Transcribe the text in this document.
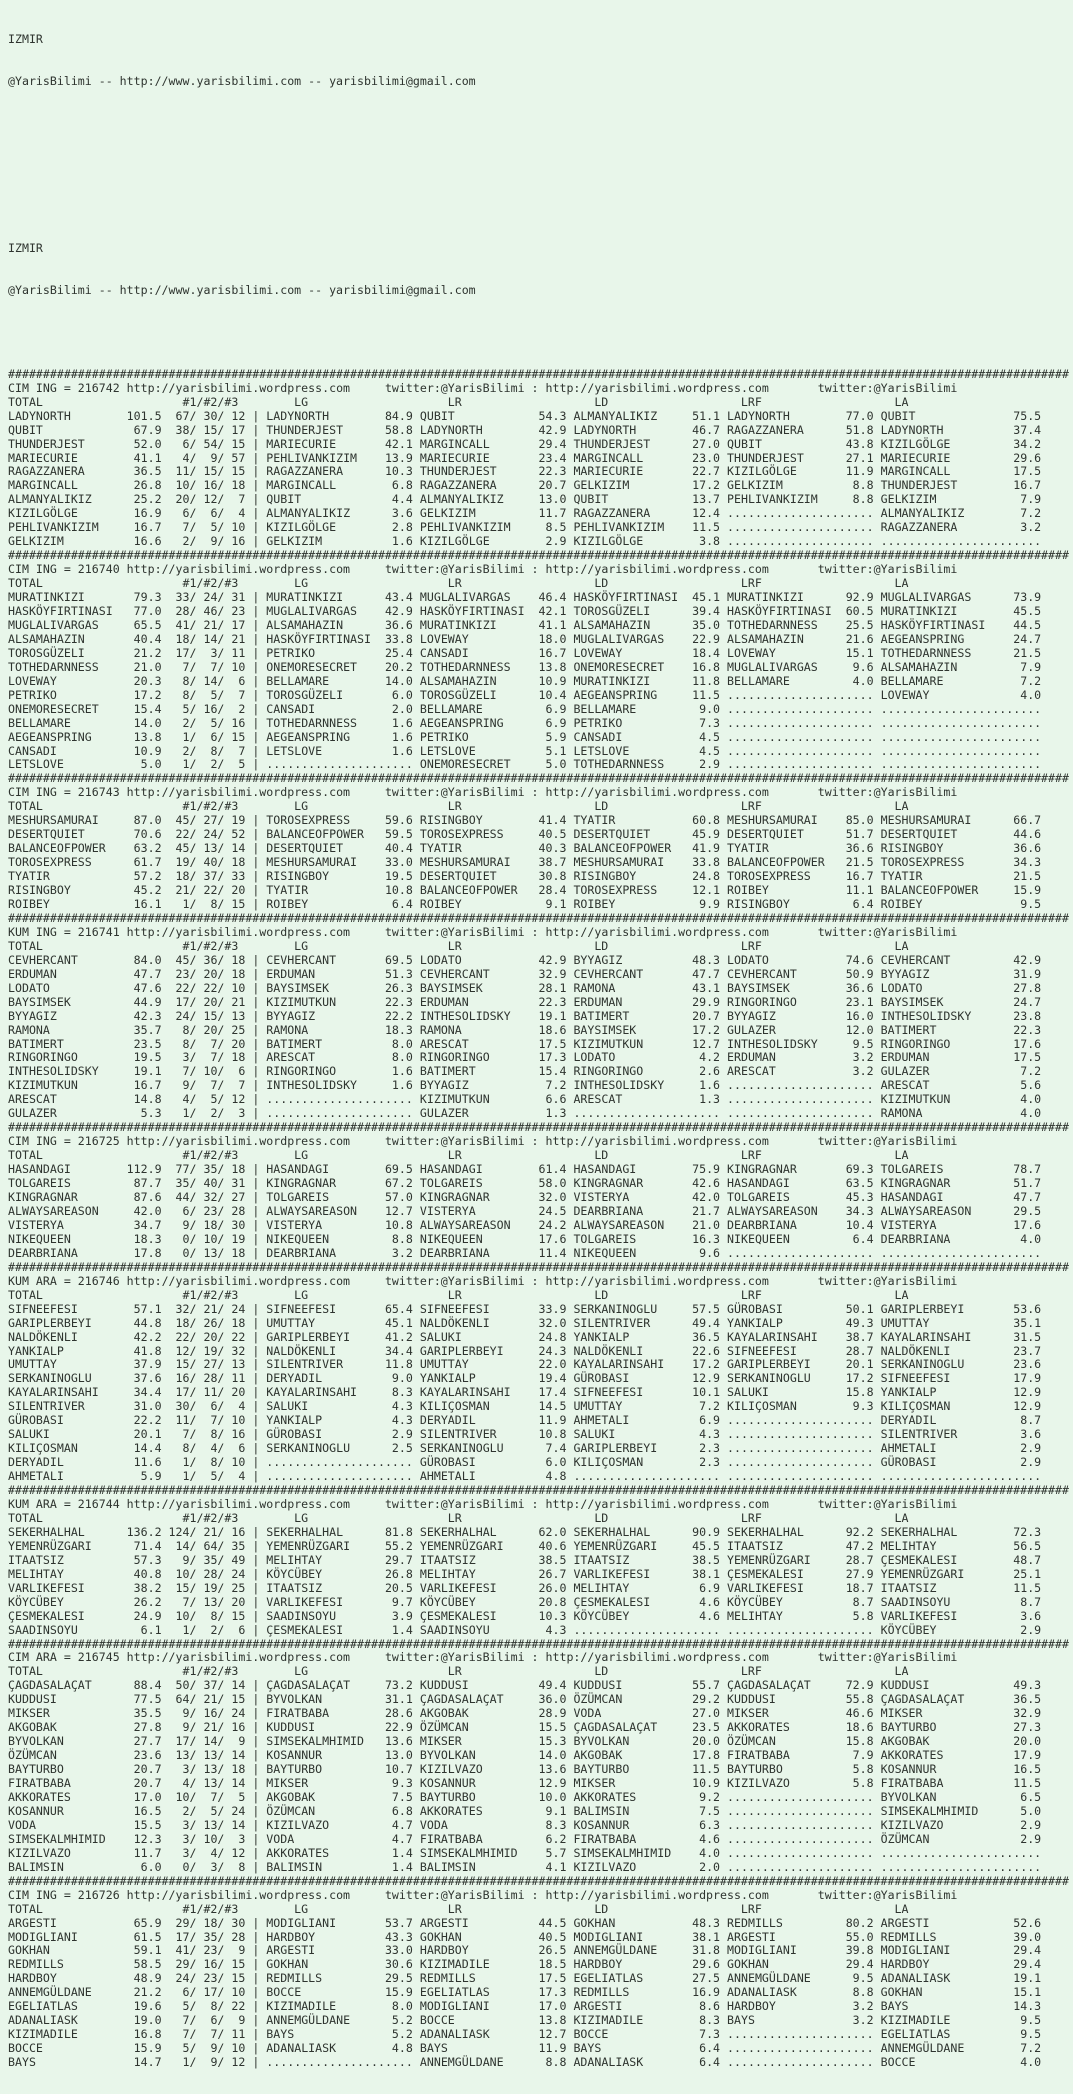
IZMIR

@YarisBilimi -- http://www.yarisbilimi.com -- yarisbilimi@gmail.com

IZMIR

@YarisBilimi -- http://www.yarisbilimi.com -- yarisbilimi@gmail.com

########################################################################################################################################################
CIM ING = 216742 http://yarisbilimi.wordpress.com	twitter:@YarisBilimi : http://yarisbilimi.wordpress.com	twitter:@YarisBilimi
TOTAL                    #1/#2/#3        LG                    LR                   LD                   LRF                   LA
LADYNORTH        101.5  67/ 30/ 12 | LADYNORTH        84.9 QUBIT            54.3 ALMANYALIKIZ     51.1 LADYNORTH        77.0 QUBIT              75.5
QUBIT             67.9  38/ 15/ 17 | THUNDERJEST      58.8 LADYNORTH        42.9 LADYNORTH        46.7 RAGAZZANERA      51.8 LADYNORTH          37.4
THUNDERJEST       52.0   6/ 54/ 15 | MARIECURIE       42.1 MARGINCALL       29.4 THUNDERJEST      27.0 QUBIT            43.8 KIZILGÖLGE         34.2
MARIECURIE        41.1   4/  9/ 57 | PEHLIVANKIZIM    13.9 MARIECURIE       23.4 MARGINCALL       23.0 THUNDERJEST      27.1 MARIECURIE         29.6
RAGAZZANERA       36.5  11/ 15/ 15 | RAGAZZANERA      10.3 THUNDERJEST      22.3 MARIECURIE       22.7 KIZILGÖLGE       11.9 MARGINCALL         17.5
MARGINCALL        26.8  10/ 16/ 18 | MARGINCALL        6.8 RAGAZZANERA      20.7 GELKIZIM         17.2 GELKIZIM          8.8 THUNDERJEST        16.7
ALMANYALIKIZ      25.2  20/ 12/  7 | QUBIT             4.4 ALMANYALIKIZ     13.0 QUBIT            13.7 PEHLIVANKIZIM     8.8 GELKIZIM            7.9
KIZILGÖLGE        16.9   6/  6/  4 | ALMANYALIKIZ      3.6 GELKIZIM         11.7 RAGAZZANERA      12.4 ..................... ALMANYALIKIZ        7.2
PEHLIVANKIZIM     16.7   7/  5/ 10 | KIZILGÖLGE        2.8 PEHLIVANKIZIM     8.5 PEHLIVANKIZIM    11.5 ..................... RAGAZZANERA         3.2
GELKIZIM          16.6   2/  9/ 16 | GELKIZIM          1.6 KIZILGÖLGE        2.9 KIZILGÖLGE        3.8 ..................... .......................
########################################################################################################################################################
CIM ING = 216740 http://yarisbilimi.wordpress.com	twitter:@YarisBilimi : http://yarisbilimi.wordpress.com	twitter:@YarisBilimi
TOTAL                    #1/#2/#3        LG                    LR                   LD                   LRF                   LA
MURATINKIZI       79.3  33/ 24/ 31 | MURATINKIZI      43.4 MUGLALIVARGAS    46.4 HASKÖYFIRTINASI  45.1 MURATINKIZI      92.9 MUGLALIVARGAS      73.9
HASKÖYFIRTINASI   77.0  28/ 46/ 23 | MUGLALIVARGAS    42.9 HASKÖYFIRTINASI  42.1 TOROSGÜZELI      39.4 HASKÖYFIRTINASI  60.5 MURATINKIZI        45.5
MUGLALIVARGAS     65.5  41/ 21/ 17 | ALSAMAHAZIN      36.6 MURATINKIZI      41.1 ALSAMAHAZIN      35.0 TOTHEDARNNESS    25.5 HASKÖYFIRTINASI    44.5
ALSAMAHAZIN       40.4  18/ 14/ 21 | HASKÖYFIRTINASI  33.8 LOVEWAY          18.0 MUGLALIVARGAS    22.9 ALSAMAHAZIN      21.6 AEGEANSPRING       24.7
TOROSGÜZELI       21.2  17/  3/ 11 | PETRIKO          25.4 CANSADI          16.7 LOVEWAY          18.4 LOVEWAY          15.1 TOTHEDARNNESS      21.5
TOTHEDARNNESS     21.0   7/  7/ 10 | ONEMORESECRET    20.2 TOTHEDARNNESS    13.8 ONEMORESECRET    16.8 MUGLALIVARGAS     9.6 ALSAMAHAZIN         7.9
LOVEWAY           20.3   8/ 14/  6 | BELLAMARE        14.0 ALSAMAHAZIN      10.9 MURATINKIZI      11.8 BELLAMARE         4.0 BELLAMARE           7.2
PETRIKO           17.2   8/  5/  7 | TOROSGÜZELI       6.0 TOROSGÜZELI      10.4 AEGEANSPRING     11.5 ..................... LOVEWAY             4.0
ONEMORESECRET     15.4   5/ 16/  2 | CANSADI           2.0 BELLAMARE         6.9 BELLAMARE         9.0 ..................... .......................
BELLAMARE         14.0   2/  5/ 16 | TOTHEDARNNESS     1.6 AEGEANSPRING      6.9 PETRIKO           7.3 ..................... .......................
AEGEANSPRING      13.8   1/  6/ 15 | AEGEANSPRING      1.6 PETRIKO           5.9 CANSADI           4.5 ..................... .......................
CANSADI           10.9   2/  8/  7 | LETSLOVE          1.6 LETSLOVE          5.1 LETSLOVE          4.5 ..................... .......................
LETSLOVE           5.0   1/  2/  5 | ..................... ONEMORESECRET     5.0 TOTHEDARNNESS     2.9 ..................... .......................
########################################################################################################################################################
CIM ING = 216743 http://yarisbilimi.wordpress.com	twitter:@YarisBilimi : http://yarisbilimi.wordpress.com	twitter:@YarisBilimi
TOTAL                    #1/#2/#3        LG                    LR                   LD                   LRF                   LA
MESHURSAMURAI     87.0  45/ 27/ 19 | TOROSEXPRESS     59.6 RISINGBOY        41.4 TYATIR           60.8 MESHURSAMURAI    85.0 MESHURSAMURAI      66.7
DESERTQUIET       70.6  22/ 24/ 52 | BALANCEOFPOWER   59.5 TOROSEXPRESS     40.5 DESERTQUIET      45.9 DESERTQUIET      51.7 DESERTQUIET        44.6
BALANCEOFPOWER    63.2  45/ 13/ 14 | DESERTQUIET      40.4 TYATIR           40.3 BALANCEOFPOWER   41.9 TYATIR           36.6 RISINGBOY          36.6
TOROSEXPRESS      61.7  19/ 40/ 18 | MESHURSAMURAI    33.0 MESHURSAMURAI    38.7 MESHURSAMURAI    33.8 BALANCEOFPOWER   21.5 TOROSEXPRESS       34.3
TYATIR            57.2  18/ 37/ 33 | RISINGBOY        19.5 DESERTQUIET      30.8 RISINGBOY        24.8 TOROSEXPRESS     16.7 TYATIR             21.5
RISINGBOY         45.2  21/ 22/ 20 | TYATIR           10.8 BALANCEOFPOWER   28.4 TOROSEXPRESS     12.1 ROIBEY           11.1 BALANCEOFPOWER     15.9
ROIBEY            16.1   1/  8/ 15 | ROIBEY            6.4 ROIBEY            9.1 ROIBEY            9.9 RISINGBOY         6.4 ROIBEY              9.5
########################################################################################################################################################
KUM ING = 216741 http://yarisbilimi.wordpress.com	twitter:@YarisBilimi : http://yarisbilimi.wordpress.com	twitter:@YarisBilimi
TOTAL                    #1/#2/#3        LG                    LR                   LD                   LRF                   LA
CEVHERCANT        84.0  45/ 36/ 18 | CEVHERCANT       69.5 LODATO           42.9 BYYAGIZ          48.3 LODATO           74.6 CEVHERCANT         42.9
ERDUMAN           47.7  23/ 20/ 18 | ERDUMAN          51.3 CEVHERCANT       32.9 CEVHERCANT       47.7 CEVHERCANT       50.9 BYYAGIZ            31.9
LODATO            47.6  22/ 22/ 10 | BAYSIMSEK        26.3 BAYSIMSEK        28.1 RAMONA           43.1 BAYSIMSEK        36.6 LODATO             27.8
BAYSIMSEK         44.9  17/ 20/ 21 | KIZIMUTKUN       22.3 ERDUMAN          22.3 ERDUMAN          29.9 RINGORINGO       23.1 BAYSIMSEK          24.7
BYYAGIZ           42.3  24/ 15/ 13 | BYYAGIZ          22.2 INTHESOLIDSKY    19.1 BATIMERT         20.7 BYYAGIZ          16.0 INTHESOLIDSKY      23.8
RAMONA            35.7   8/ 20/ 25 | RAMONA           18.3 RAMONA           18.6 BAYSIMSEK        17.2 GULAZER          12.0 BATIMERT           22.3
BATIMERT          23.5   8/  7/ 20 | BATIMERT          8.0 ARESCAT          17.5 KIZIMUTKUN       12.7 INTHESOLIDSKY     9.5 RINGORINGO         17.6
RINGORINGO        19.5   3/  7/ 18 | ARESCAT           8.0 RINGORINGO       17.3 LODATO            4.2 ERDUMAN           3.2 ERDUMAN            17.5
INTHESOLIDSKY     19.1   7/ 10/  6 | RINGORINGO        1.6 BATIMERT         15.4 RINGORINGO        2.6 ARESCAT           3.2 GULAZER             7.2
KIZIMUTKUN        16.7   9/  7/  7 | INTHESOLIDSKY     1.6 BYYAGIZ           7.2 INTHESOLIDSKY     1.6 ..................... ARESCAT             5.6
ARESCAT           14.8   4/  5/ 12 | ..................... KIZIMUTKUN        6.6 ARESCAT           1.3 ..................... KIZIMUTKUN          4.0
GULAZER            5.3   1/  2/  3 | ..................... GULAZER           1.3 ..................... ..................... RAMONA              4.0
########################################################################################################################################################
CIM ING = 216725 http://yarisbilimi.wordpress.com	twitter:@YarisBilimi : http://yarisbilimi.wordpress.com	twitter:@YarisBilimi
TOTAL                    #1/#2/#3        LG                    LR                   LD                   LRF                   LA
HASANDAGI        112.9  77/ 35/ 18 | HASANDAGI        69.5 HASANDAGI        61.4 HASANDAGI        75.9 KINGRAGNAR       69.3 TOLGAREIS          78.7
TOLGAREIS         87.7  35/ 40/ 31 | KINGRAGNAR       67.2 TOLGAREIS        58.0 KINGRAGNAR       42.6 HASANDAGI        63.5 KINGRAGNAR         51.7
KINGRAGNAR        87.6  44/ 32/ 27 | TOLGAREIS        57.0 KINGRAGNAR       32.0 VISTERYA         42.0 TOLGAREIS        45.3 HASANDAGI          47.7
ALWAYSAREASON     42.0   6/ 23/ 28 | ALWAYSAREASON    12.7 VISTERYA         24.5 DEARBRIANA       21.7 ALWAYSAREASON    34.3 ALWAYSAREASON      29.5
VISTERYA          34.7   9/ 18/ 30 | VISTERYA         10.8 ALWAYSAREASON    24.2 ALWAYSAREASON    21.0 DEARBRIANA       10.4 VISTERYA           17.6
NIKEQUEEN         18.3   0/ 10/ 19 | NIKEQUEEN         8.8 NIKEQUEEN        17.6 TOLGAREIS        16.3 NIKEQUEEN         6.4 DEARBRIANA          4.0
DEARBRIANA        17.8   0/ 13/ 18 | DEARBRIANA        3.2 DEARBRIANA       11.4 NIKEQUEEN         9.6 ..................... .......................
########################################################################################################################################################
KUM ARA = 216746 http://yarisbilimi.wordpress.com	twitter:@YarisBilimi : http://yarisbilimi.wordpress.com	twitter:@YarisBilimi
TOTAL                    #1/#2/#3        LG                    LR                   LD                   LRF                   LA
SIFNEEFESI        57.1  32/ 21/ 24 | SIFNEEFESI       65.4 SIFNEEFESI       33.9 SERKANINOGLU     57.5 GÜROBASI         50.1 GARIPLERBEYI       53.6
GARIPLERBEYI      44.8  18/ 26/ 18 | UMUTTAY          45.1 NALDÖKENLI       32.0 SILENTRIVER      49.4 YANKIALP         49.3 UMUTTAY            35.1
NALDÖKENLI        42.2  22/ 20/ 22 | GARIPLERBEYI     41.2 SALUKI           24.8 YANKIALP         36.5 KAYALARINSAHI    38.7 KAYALARINSAHI      31.5
YANKIALP          41.8  12/ 19/ 32 | NALDÖKENLI       34.4 GARIPLERBEYI     24.3 NALDÖKENLI       22.6 SIFNEEFESI       28.7 NALDÖKENLI         23.7
UMUTTAY           37.9  15/ 27/ 13 | SILENTRIVER      11.8 UMUTTAY          22.0 KAYALARINSAHI    17.2 GARIPLERBEYI     20.1 SERKANINOGLU       23.6
SERKANINOGLU      37.6  16/ 28/ 11 | DERYADIL          9.0 YANKIALP         19.4 GÜROBASI         12.9 SERKANINOGLU     17.2 SIFNEEFESI         17.9
KAYALARINSAHI     34.4  17/ 11/ 20 | KAYALARINSAHI     8.3 KAYALARINSAHI    17.4 SIFNEEFESI       10.1 SALUKI           15.8 YANKIALP           12.9
SILENTRIVER       31.0  30/  6/  4 | SALUKI            4.3 KILIÇOSMAN       14.5 UMUTTAY           7.2 KILIÇOSMAN        9.3 KILIÇOSMAN         12.9
GÜROBASI          22.2  11/  7/ 10 | YANKIALP          4.3 DERYADIL         11.9 AHMETALI          6.9 ..................... DERYADIL            8.7
SALUKI            20.1   7/  8/ 16 | GÜROBASI          2.9 SILENTRIVER      10.8 SALUKI            4.3 ..................... SILENTRIVER         3.6
KILIÇOSMAN        14.4   8/  4/  6 | SERKANINOGLU      2.5 SERKANINOGLU      7.4 GARIPLERBEYI      2.3 ..................... AHMETALI            2.9
DERYADIL          11.6   1/  8/ 10 | ..................... GÜROBASI          6.0 KILIÇOSMAN        2.3 ..................... GÜROBASI            2.9
AHMETALI           5.9   1/  5/  4 | ..................... AHMETALI          4.8 ..................... ..................... .......................
########################################################################################################################################################
KUM ARA = 216744 http://yarisbilimi.wordpress.com	twitter:@YarisBilimi : http://yarisbilimi.wordpress.com	twitter:@YarisBilimi
TOTAL                    #1/#2/#3        LG                    LR                   LD                   LRF                   LA
SEKERHALHAL      136.2 124/ 21/ 16 | SEKERHALHAL      81.8 SEKERHALHAL      62.0 SEKERHALHAL      90.9 SEKERHALHAL      92.2 SEKERHALHAL        72.3
YEMENRÜZGARI      71.4  14/ 64/ 35 | YEMENRÜZGARI     55.2 YEMENRÜZGARI     40.6 YEMENRÜZGARI     45.5 ITAATSIZ         47.2 MELIHTAY           56.5
ITAATSIZ          57.3   9/ 35/ 49 | MELIHTAY         29.7 ITAATSIZ         38.5 ITAATSIZ         38.5 YEMENRÜZGARI     28.7 ÇESMEKALESI        48.7
MELIHTAY          40.8  10/ 28/ 24 | KÖYCÜBEY         26.8 MELIHTAY         26.7 VARLIKEFESI      38.1 ÇESMEKALESI      27.9 YEMENRÜZGARI       25.1
VARLIKEFESI       38.2  15/ 19/ 25 | ITAATSIZ         20.5 VARLIKEFESI      26.0 MELIHTAY          6.9 VARLIKEFESI      18.7 ITAATSIZ           11.5
KÖYCÜBEY          26.2   7/ 13/ 20 | VARLIKEFESI       9.7 KÖYCÜBEY         20.8 ÇESMEKALESI       4.6 KÖYCÜBEY          8.7 SAADINSOYU          8.7
ÇESMEKALESI       24.9  10/  8/ 15 | SAADINSOYU        3.9 ÇESMEKALESI      10.3 KÖYCÜBEY          4.6 MELIHTAY          5.8 VARLIKEFESI         3.6
SAADINSOYU         6.1   1/  2/  6 | ÇESMEKALESI       1.4 SAADINSOYU        4.3 ..................... ..................... KÖYCÜBEY            2.9
########################################################################################################################################################
CIM ARA = 216745 http://yarisbilimi.wordpress.com	twitter:@YarisBilimi : http://yarisbilimi.wordpress.com	twitter:@YarisBilimi
TOTAL                    #1/#2/#3        LG                    LR                   LD                   LRF                   LA
ÇAGDASALAÇAT      88.4  50/ 37/ 14 | ÇAGDASALAÇAT     73.2 KUDDUSI          49.4 KUDDUSI          55.7 ÇAGDASALAÇAT     72.9 KUDDUSI            49.3
KUDDUSI           77.5  64/ 21/ 15 | BYVOLKAN         31.1 ÇAGDASALAÇAT     36.0 ÖZÜMCAN          29.2 KUDDUSI          55.8 ÇAGDASALAÇAT       36.5
MIKSER            35.5   9/ 16/ 24 | FIRATBABA        28.6 AKGOBAK          28.9 VODA             27.0 MIKSER           46.6 MIKSER             32.9
AKGOBAK           27.8   9/ 21/ 16 | KUDDUSI          22.9 ÖZÜMCAN          15.5 ÇAGDASALAÇAT     23.5 AKKORATES        18.6 BAYTURBO           27.3
BYVOLKAN          27.7  17/ 14/  9 | SIMSEKALMHIMID   13.6 MIKSER           15.3 BYVOLKAN         20.0 ÖZÜMCAN          15.8 AKGOBAK            20.0
ÖZÜMCAN           23.6  13/ 13/ 14 | KOSANNUR         13.0 BYVOLKAN         14.0 AKGOBAK          17.8 FIRATBABA         7.9 AKKORATES          17.9
BAYTURBO          20.7   3/ 13/ 18 | BAYTURBO         10.7 KIZILVAZO        13.6 BAYTURBO         11.5 BAYTURBO          5.8 KOSANNUR           16.5
FIRATBABA         20.7   4/ 13/ 14 | MIKSER            9.3 KOSANNUR         12.9 MIKSER           10.9 KIZILVAZO         5.8 FIRATBABA          11.5
AKKORATES         17.0  10/  7/  5 | AKGOBAK           7.5 BAYTURBO         10.0 AKKORATES         9.2 ..................... BYVOLKAN            6.5
KOSANNUR          16.5   2/  5/ 24 | ÖZÜMCAN           6.8 AKKORATES         9.1 BALIMSIN          7.5 ..................... SIMSEKALMHIMID      5.0
VODA              15.5   3/ 13/ 14 | KIZILVAZO         4.7 VODA              8.3 KOSANNUR          6.3 ..................... KIZILVAZO           2.9
SIMSEKALMHIMID    12.3   3/ 10/  3 | VODA              4.7 FIRATBABA         6.2 FIRATBABA         4.6 ..................... ÖZÜMCAN             2.9
KIZILVAZO         11.7   3/  4/ 12 | AKKORATES         1.4 SIMSEKALMHIMID    5.7 SIMSEKALMHIMID    4.0 ..................... .......................
BALIMSIN           6.0   0/  3/  8 | BALIMSIN          1.4 BALIMSIN          4.1 KIZILVAZO         2.0 ..................... .......................
########################################################################################################################################################
CIM ING = 216726 http://yarisbilimi.wordpress.com	twitter:@YarisBilimi : http://yarisbilimi.wordpress.com	twitter:@YarisBilimi
TOTAL                    #1/#2/#3        LG                    LR                   LD                   LRF                   LA
ARGESTI           65.9  29/ 18/ 30 | MODIGLIANI       53.7 ARGESTI          44.5 GOKHAN           48.3 REDMILLS         80.2 ARGESTI            52.6
MODIGLIANI        61.5  17/ 35/ 28 | HARDBOY          43.3 GOKHAN           40.5 MODIGLIANI       38.1 ARGESTI          55.0 REDMILLS           39.0
GOKHAN            59.1  41/ 23/  9 | ARGESTI          33.0 HARDBOY          26.5 ANNEMGÜLDANE     31.8 MODIGLIANI       39.8 MODIGLIANI         29.4
REDMILLS          58.5  29/ 16/ 15 | GOKHAN           30.6 KIZIMADILE       18.5 HARDBOY          29.6 GOKHAN           29.4 HARDBOY            29.4
HARDBOY           48.9  24/ 23/ 15 | REDMILLS         29.5 REDMILLS         17.5 EGELIATLAS       27.5 ANNEMGÜLDANE      9.5 ADANALIASK         19.1
ANNEMGÜLDANE      21.2   6/ 17/ 10 | BOCCE            15.9 EGELIATLAS       17.3 REDMILLS         16.9 ADANALIASK        8.8 GOKHAN             15.1
EGELIATLAS        19.6   5/  8/ 22 | KIZIMADILE        8.0 MODIGLIANI       17.0 ARGESTI           8.6 HARDBOY           3.2 BAYS               14.3
ADANALIASK        19.0   7/  6/  9 | ANNEMGÜLDANE      5.2 BOCCE            13.8 KIZIMADILE        8.3 BAYS              3.2 KIZIMADILE          9.5
KIZIMADILE        16.8   7/  7/ 11 | BAYS              5.2 ADANALIASK       12.7 BOCCE             7.3 ..................... EGELIATLAS          9.5
BOCCE             15.9   5/  9/ 10 | ADANALIASK        4.8 BAYS             11.9 BAYS              6.4 ..................... ANNEMGÜLDANE        7.2
BAYS              14.7   1/  9/ 12 | ..................... ANNEMGÜLDANE      8.8 ADANALIASK        6.4 ..................... BOCCE               4.0
